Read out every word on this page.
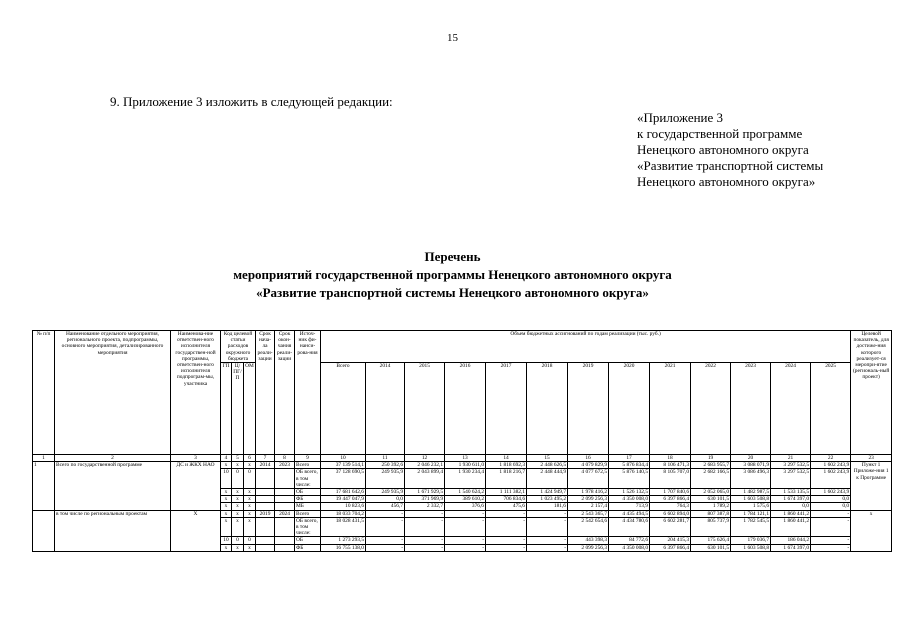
15
9. Приложение 3 изложить в следующей редакции:
«Приложение 3
к государственной программе
Ненецкого автономного округа
«Развитие транспортной системы
Ненецкого автономного округа»
Перечень
мероприятий государственной программы Ненецкого автономного округа
«Развитие транспортной системы Ненецкого автономного округа»
№ п/п	Наименование отдельного мероприятия, регионального проекта, подпрограммы, основного мероприятия, детализированного мероприятия	Наименова-ние ответствен-ного исполнителя государствен-ной программы, ответствен-ного исполнителя подпрограм-мы, участника	Код целевой статьи расходов окружного бюджета			Срок нача-ла реали-зации	Срок окон-чания реали-зации	Источ-ник фи-нанси-рова-ния	Объем бюджетных ассигнований по годам реализации (тыс. руб.)													Целевой показатель, для достиже-ния которого реализует-ся меропри-ятие (региональ-ный проект)
			ГП	Ц/ПГ/П	ОМ				Всего	2014	2015	2016	2017	2018	2019	2020	2021	2022	2023	2024	2025	
1	2	3	4	5	6	7	8	9	10	11	12	13	14	15	16	17	18	19	20	21	22	23
1	Всего по государственной программе	ДС и ЖКХ НАО	x	x	x	2014	2023	Всего	37 139 514,1	250 392,6	2 046 232,1	1 930 611,0	1 818 692,3	2 448 626,5	4 079 829,9	5 876 834,4	8 106 471,3	2 683 955,7	3 088 071,9	3 297 532,5	1 602 243,9	Пункт 1 Приложе-ния 1 к Программе
			10	0	0			ОБ всего, в том числе:	37 128 690,5	249 935,9	2 043 899,4	1 930 234,4	1 818 216,7	2 448 444,9	4 077 672,5	5 876 140,5	8 105 707,0	2 682 166,5	3 086 496,3	3 297 532,5	1 602 243,9	
			x	x	x			ОБ	17 681 642,6	249 935,9	1 671 929,5	1 540 624,2	1 111 382,1	1 424 949,7	1 978 416,2	1 526 132,5	1 707 840,6	2 052 065,0	1 482 987,5	1 533 135,5	1 602 243,9	
			x	x	x			ФБ	19 447 047,9	0,0	371 969,9	389 610,2	706 834,6	1 023 495,2	2 099 256,3	4 350 008,0	6 397 866,4	630 101,5	1 603 508,8	1 674 397,0	0,0	
			x	x	x			МБ	10 823,6	456,7	2 332,7	376,6	475,6	181,6	2 157,4	713,9	764,3	1 789,2	1 575,6	0,0	0,0	
	в том числе по региональным проектам	Х	x	x	x	2019	2024	Всего	18 033 704,2	-	-	-	-	-	2 543 365,7	4 435 494,5	6 602 894,0	807 387,8	1 784 121,1	1 860 441,2	-	х
			x	x	x			ОБ всего, в том числе:	18 028 431,5	-	-	-	-	-	2 542 654,6	4 434 780,6	6 602 281,7	805 737,9	1 782 545,5	1 860 441,2	-	
			10	0	0			ОБ	1 273 293,5	-	-	-	-	-	443 398,3	84 772,6	204 415,3	175 626,4	179 036,7	186 044,2	-	
			x	x	x			ФБ	16 755 138,0	-	-	-	-	-	2 099 256,3	4 350 008,0	6 397 866,4	630 101,5	1 603 508,8	1 674 397,0	-	
